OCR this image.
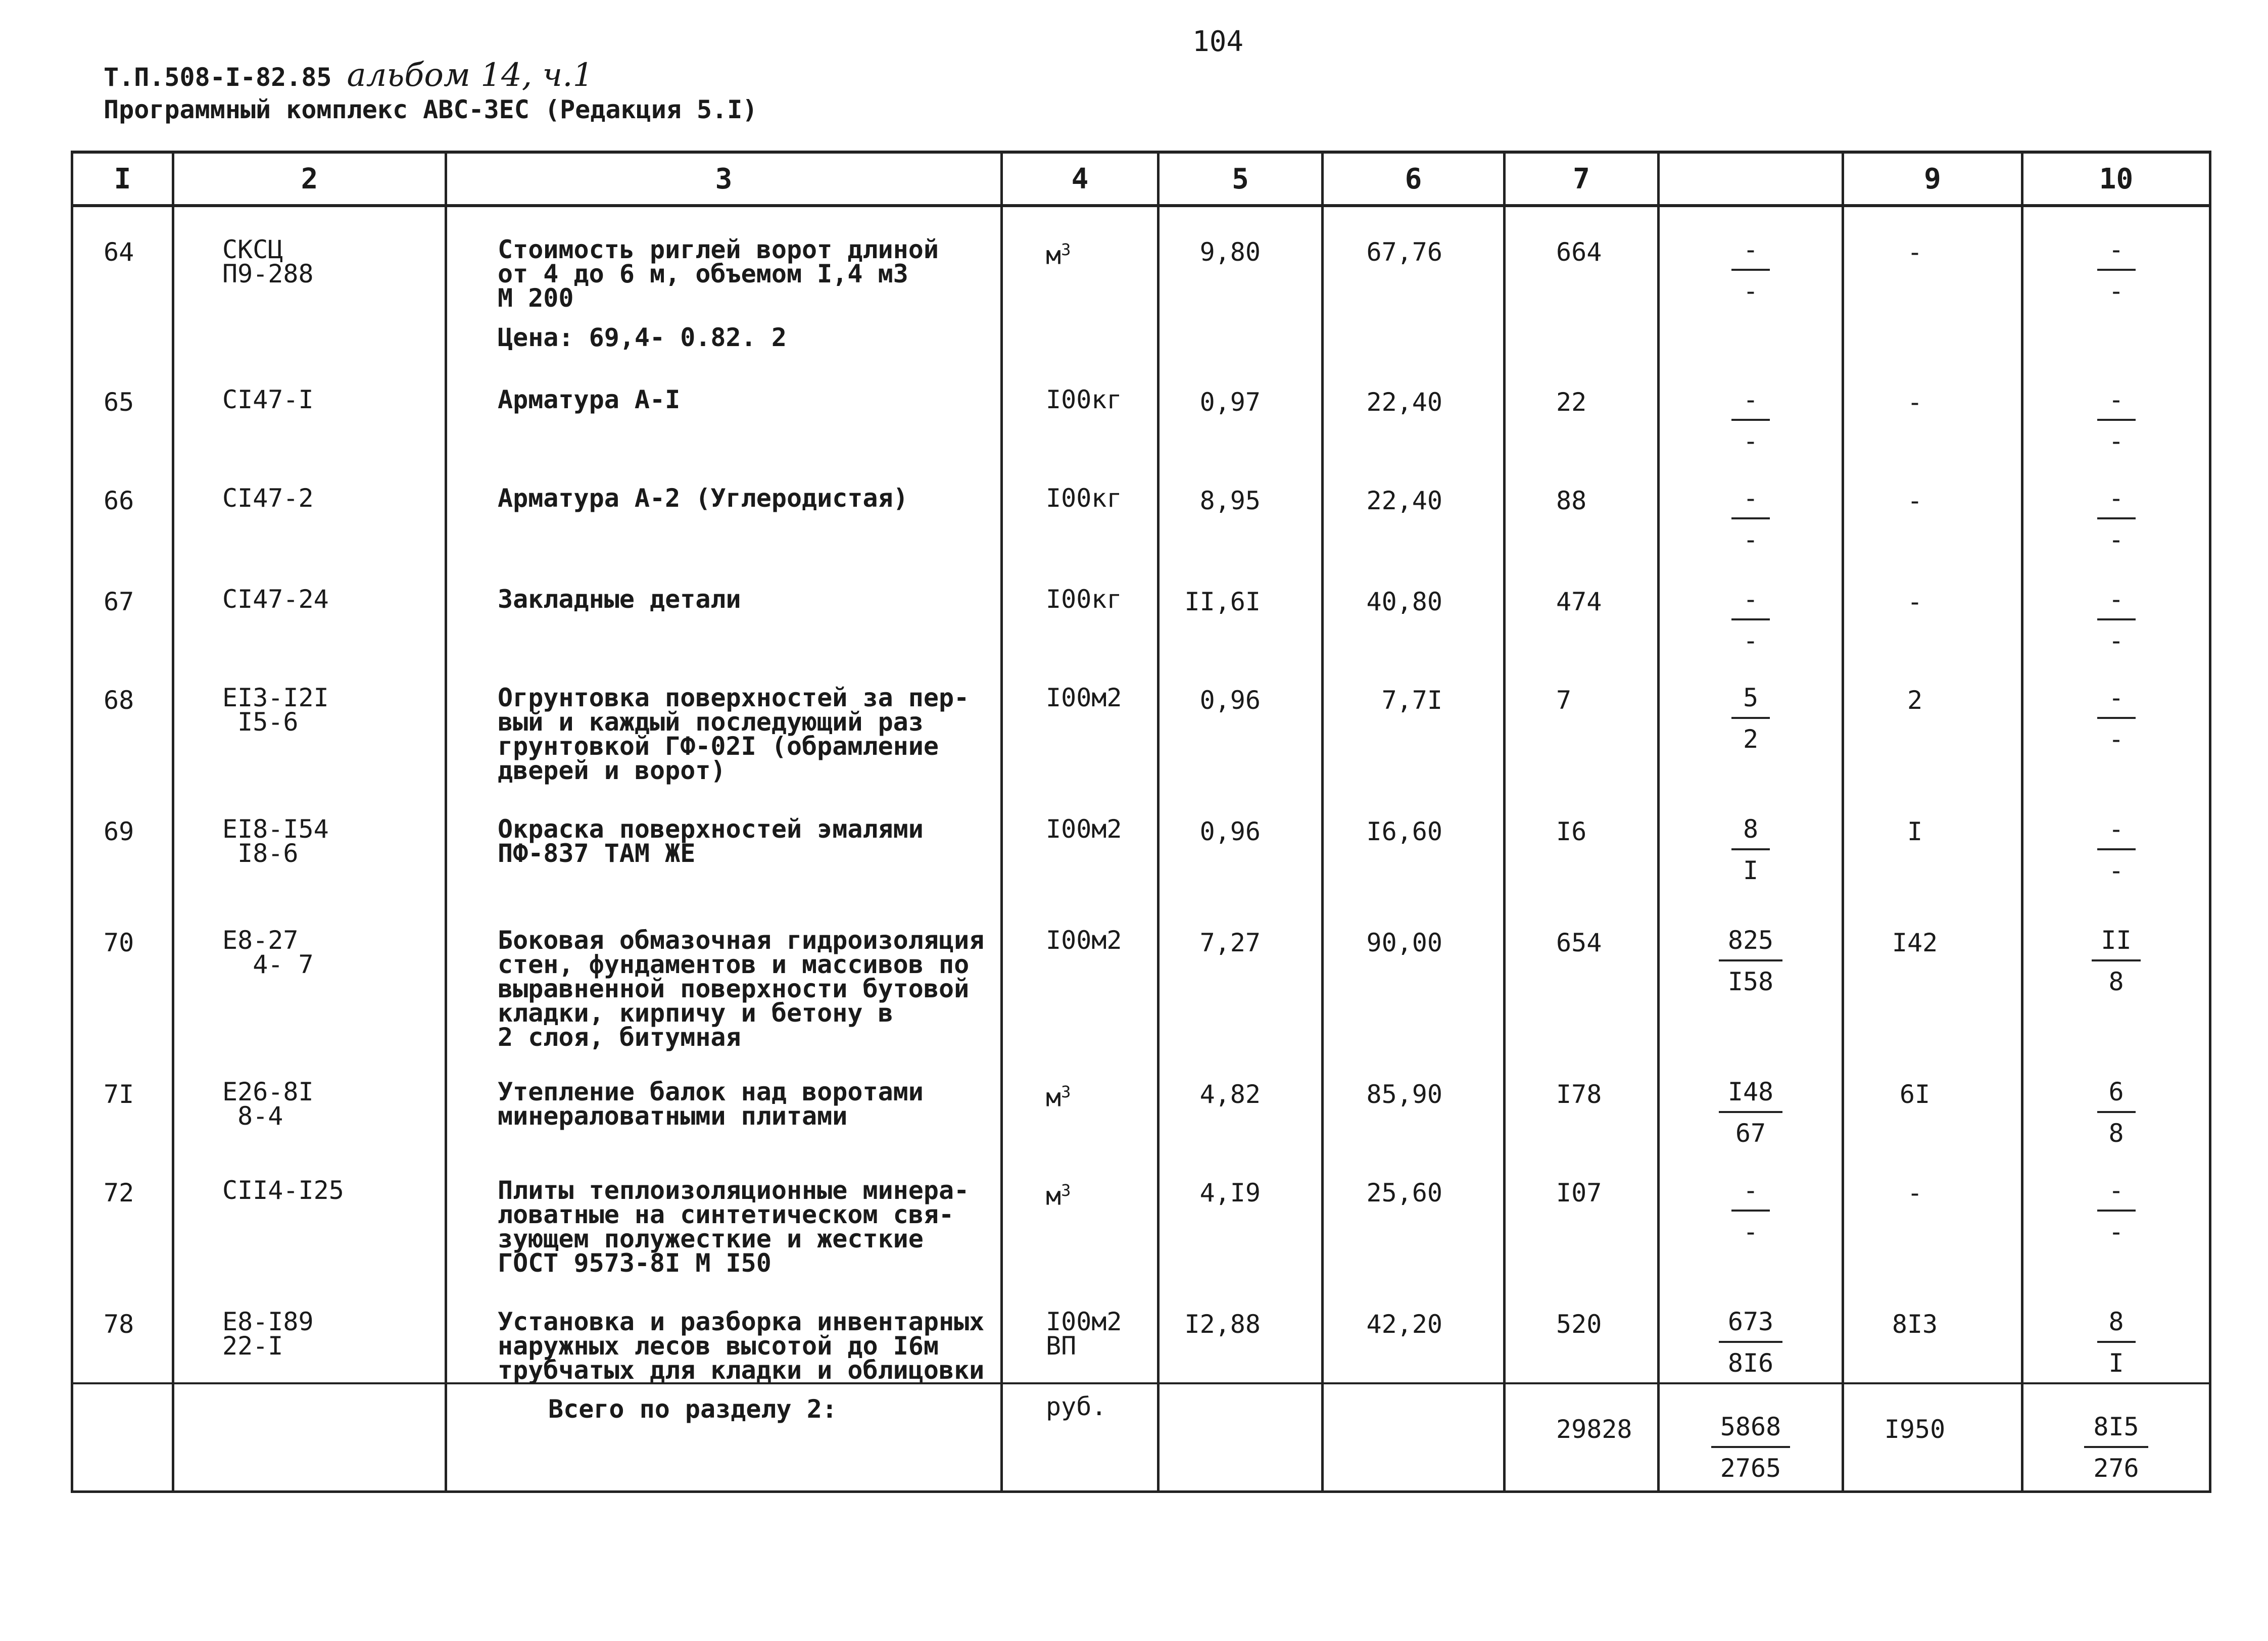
104
Т.П.508-I-82.85 альбом 14, ч.1
Программный комплекс АВС-ЗЕС (Редакция 5.I)
I	2	3	4	5	6	7		9	10
64	СКСЦ
П9-288	Стоимость риглей ворот длиной
от 4 до 6 м, объемом I,4 м3
М 200
Цена: 69,4- 0.82. 2	$м^3$	9,80	67,76	664	$\frac{-}{-}$	-	$\frac{-}{-}$

65	CI47-I	Арматура А-I	I00кг	0,97	22,40	22	$\frac{-}{-}$	-	$\frac{-}{-}$

66	CI47-2	Арматура А-2 (Углеродистая)	I00кг	8,95	22,40	88	$\frac{-}{-}$	-	$\frac{-}{-}$

67	CI47-24	Закладные детали	I00кг	II,6I	40,80	474	$\frac{-}{-}$	-	$\frac{-}{-}$

68	EI3-I2I
I5-6	Огрунтовка поверхностей за пер-
вый и каждый последующий раз
грунтовкой ГФ-02I (обрамление
дверей и ворот)	I00м2	0,96	7,7I	7	$\frac{5}{2}$	2	$\frac{-}{-}$

69	EI8-I54
I8-6	Окраска поверхностей эмалями
ПФ-837 ТАМ ЖЕ	I00м2	0,96	I6,60	I6	$\frac{8}{I}$	I	$\frac{-}{-}$

70	E8-27
4- 7	Боковая обмазочная гидроизоляция
стен, фундаментов и массивов по
выравненной поверхности бутовой
кладки, кирпичу и бетону в
2 слоя, битумная	I00м2	7,27	90,00	654	$\frac{825}{I58}$	I42	$\frac{II}{8}$

7I	E26-8I
8-4	Утепление балок над воротами
минераловатными плитами	$м^3$	4,82	85,90	I78	$\frac{I48}{67}$	6I	$\frac{6}{8}$

72	CII4-I25	Плиты теплоизоляционные минера-
ловатные на синтетическом свя-
зующем полужесткие и жесткие
ГОСТ 9573-8I М I50	$м^3$	4,I9	25,60	I07	$\frac{-}{-}$	-	$\frac{-}{-}$

78	E8-I89
22-I	Установка и разборка инвентарных
наружных лесов высотой до I6м
трубчатых для кладки и облицовки	I00м2
ВП	I2,88	42,20	520	$\frac{673}{8I6}$	8I3	$\frac{8}{I}$

		Всего по разделу 2:	руб.			29828	$\frac{5868}{2765}$	I950	$\frac{8I5}{276}$
